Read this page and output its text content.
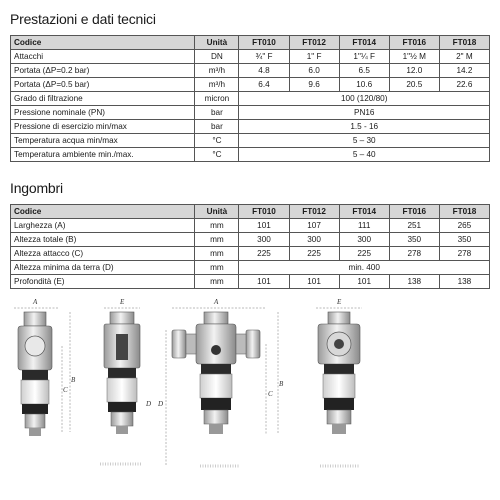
Prestazioni e dati tecnici
Codice	Unità	FT010	FT012	FT014	FT016	FT018
Attacchi	DN	¾" F	1" F	1"¼ F	1"½ M	2" M
Portata (ΔP=0.2 bar)	m³/h	4.8	6.0	6.5	12.0	14.2
Portata (ΔP=0.5 bar)	m³/h	6.4	9.6	10.6	20.5	22.6
Grado di filtrazione	micron	100 (120/80)				
Pressione nominale (PN)	bar	PN16				
Pressione di esercizio min/max	bar	1.5 - 16				
Temperatura acqua min/max	°C	5 – 30				
Temperatura ambiente min./max.	°C	5 – 40				
Ingombri
Codice	Unità	FT010	FT012	FT014	FT016	FT018
Larghezza (A)	mm	101	107	111	251	265
Altezza totale (B)	mm	300	300	300	350	350
Altezza attacco (C)	mm	225	225	225	278	278
Altezza minima da terra (D)	mm	min. 400				
Profondità (E)	mm	101	101	101	138	138
A
B
C
E
D
A
C
B
D
E
